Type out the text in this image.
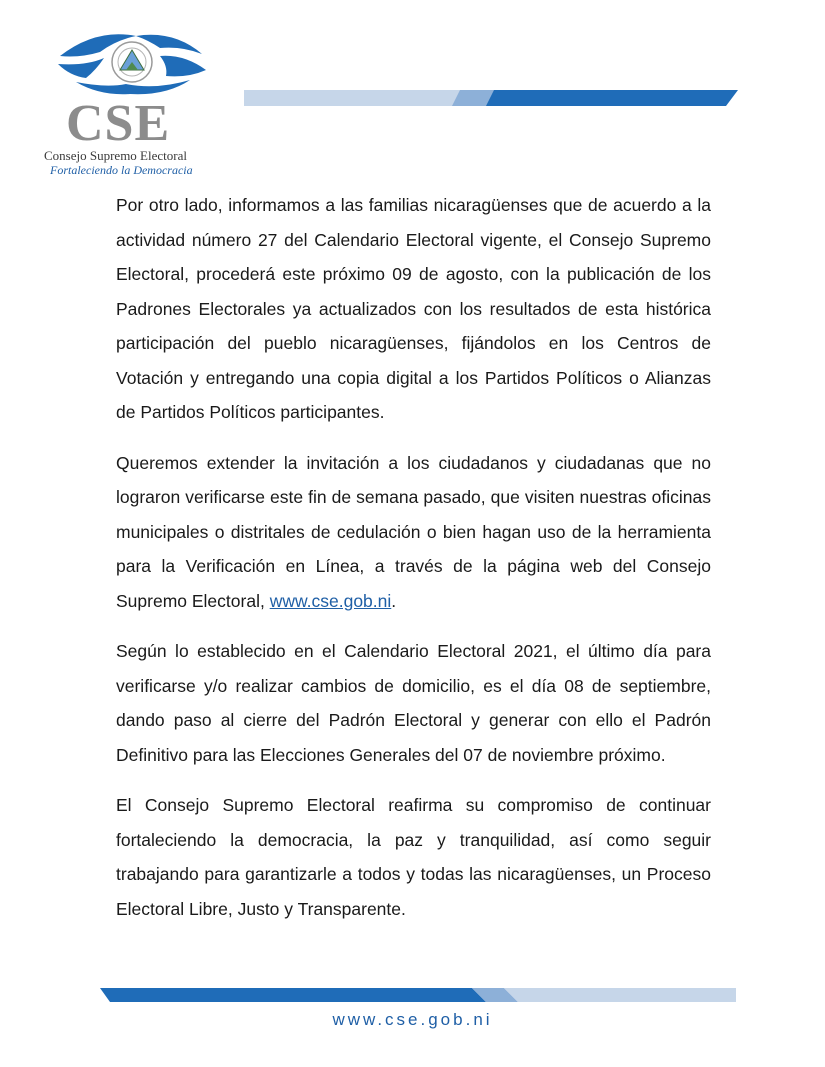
CSE
Consejo Supremo Electoral
Fortaleciendo la Democracia

Por otro lado, informamos a las familias nicaragüenses que de acuerdo a la actividad número 27 del Calendario Electoral vigente, el Consejo Supremo Electoral, procederá este próximo 09 de agosto, con la publicación de los Padrones Electorales ya actualizados con los resultados de esta histórica participación del pueblo nicaragüenses, fijándolos en los Centros de Votación y entregando una copia digital a los Partidos Políticos o Alianzas de Partidos Políticos participantes.

Queremos extender la invitación a los ciudadanos y ciudadanas que no lograron verificarse este fin de semana pasado, que visiten nuestras oficinas municipales o distritales de cedulación o bien hagan uso de la herramienta para la Verificación en Línea, a través de la página web del Consejo Supremo Electoral, www.cse.gob.ni.

Según lo establecido en el Calendario Electoral 2021, el último día para verificarse y/o realizar cambios de domicilio, es el día 08 de septiembre, dando paso al cierre del Padrón Electoral y generar con ello el Padrón Definitivo para las Elecciones Generales del 07 de noviembre próximo.

El Consejo Supremo Electoral reafirma su compromiso de continuar fortaleciendo la democracia, la paz y tranquilidad, así como seguir trabajando para garantizarle a todos y todas las nicaragüenses, un Proceso Electoral Libre, Justo y Transparente.

www.cse.gob.ni
